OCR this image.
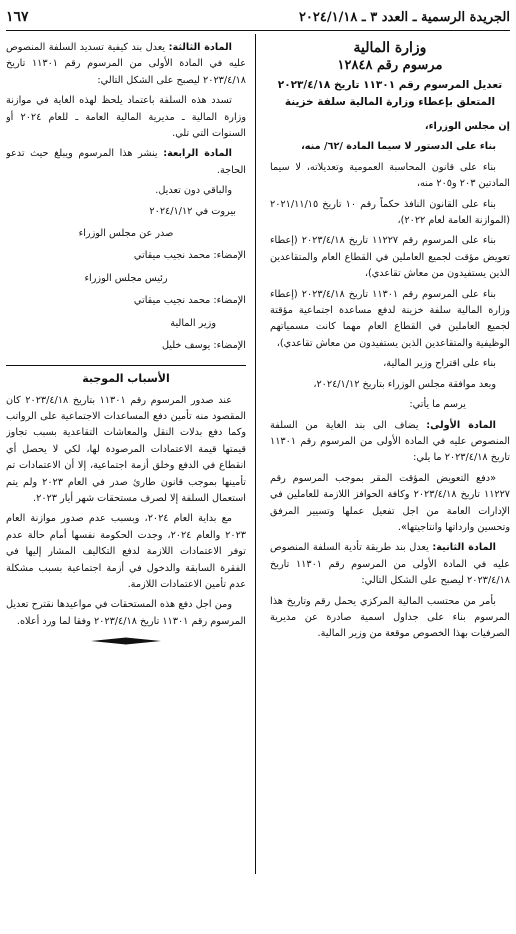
الجريدة الرسمية ـ العدد ٣ ـ ٢٠٢٤/١/١٨
١٦٧
وزارة المالية
مرسوم رقم ١٢٨٤٨
تعديل المرسوم رقم ١١٣٠١ تاريخ ٢٠٢٣/٤/١٨ المتعلق بإعطاء وزارة المالية سلفة خزينة

إن مجلس الوزراء،

بناء على الدستور لا سيما المادة /٦٢/ منه،

بناء على قانون المحاسبة العمومية وتعديلاته، لا سيما المادتين ٢٠٣ و٢٠٥ منه،

بناء على القانون النافذ حكماً رقم ١٠ تاريخ ٢٠٢١/١١/١٥ (الموازنة العامة لعام ٢٠٢٢)،

بناء على المرسوم رقم ١١٢٢٧ تاريخ ٢٠٢٣/٤/١٨ (إعطاء تعويض مؤقت لجميع العاملين في القطاع العام والمتقاعدين الذين يستفيدون من معاش تقاعدي)،

بناء على المرسوم رقم ١١٣٠١ تاريخ ٢٠٢٣/٤/١٨ (إعطاء وزارة المالية سلفة خزينة لدفع مساعدة اجتماعية مؤقتة لجميع العاملين في القطاع العام مهما كانت مسمياتهم الوظيفية والمتقاعدين الذين يستفيدون من معاش تقاعدي)،

بناء على اقتراح وزير المالية،

وبعد موافقة مجلس الوزراء بتاريخ ٢٠٢٤/١/١٢،

يرسم ما يأتي:

المادة الأولى: يضاف الى بند الغاية من السلفة المنصوص عليه في المادة الأولى من المرسوم رقم ١١٣٠١ تاريخ ٢٠٢٣/٤/١٨ ما يلي:

«دفع التعويض المؤقت المقر بموجب المرسوم رقم ١١٢٢٧ تاريخ ٢٠٢٣/٤/١٨ وكافة الحوافز اللازمة للعاملين في الإدارات العامة من اجل تفعيل عملها وتسيير المرفق وتحسين وارداتها وانتاجيتها».

المادة الثانية: يعدل بند طريقة تأدية السلفة المنصوص عليه في المادة الأولى من المرسوم رقم ١١٣٠١ تاريخ ٢٠٢٣/٤/١٨ ليصبح على الشكل التالي:

بأمر من محتسب المالية المركزي يحمل رقم وتاريخ هذا المرسوم بناء على جداول اسمية صادرة عن مديرية الصرفيات بهذا الخصوص موقعة من وزير المالية.

المادة الثالثة: يعدل بند كيفية تسديد السلفة المنصوص عليه في المادة الأولى من المرسوم رقم ١١٣٠١ تاريخ ٢٠٢٣/٤/١٨ ليصبح على الشكل التالي:

تسدد هذه السلفة باعتماد يلحظ لهذه الغاية في موازنة وزارة المالية ـ مديرية المالية العامة ـ للعام ٢٠٢٤ أو السنوات التي تلي.

المادة الرابعة: ينشر هذا المرسوم ويبلغ حيث تدعو الحاجة.

والباقي دون تعديل.

بيروت في ٢٠٢٤/١/١٢

صدر عن مجلس الوزراء

الإمضاء: محمد نجيب ميقاتي

رئيس مجلس الوزراء

الإمضاء: محمد نجيب ميقاتي

وزير المالية

الإمضاء: يوسف خليل

الأسباب الموجبة

عند صدور المرسوم رقم ١١٣٠١ بتاريخ ٢٠٢٣/٤/١٨ كان المقصود منه تأمين دفع المساعدات الاجتماعية على الرواتب وكما دفع بدلات النقل والمعاشات التقاعدية بسبب تجاوز قيمتها قيمة الاعتمادات المرصودة لها، لكي لا يحصل أي انقطاع في الدفع وخلق أزمة اجتماعية، إلا أن الاعتمادات تم تأمينها بموجب قانون طارئ صدر في العام ٢٠٢٣ ولم يتم استعمال السلفة إلا لصرف مستحقات شهر أيار ٢٠٢٣.

مع بداية العام ٢٠٢٤، وبسبب عدم صدور موازنة العام ٢٠٢٣ والعام ٢٠٢٤، وجدت الحكومة نفسها أمام حالة عدم توفر الاعتمادات اللازمة لدفع التكاليف المشار إليها في الفقرة السابقة والدخول في أزمة اجتماعية بسبب مشكلة عدم تأمين الاعتمادات اللازمة.

ومن اجل دفع هذه المستحقات في مواعيدها نقترح تعديل المرسوم رقم ١١٣٠١ تاريخ ٢٠٢٣/٤/١٨ وفقا لما ورد أعلاه.
